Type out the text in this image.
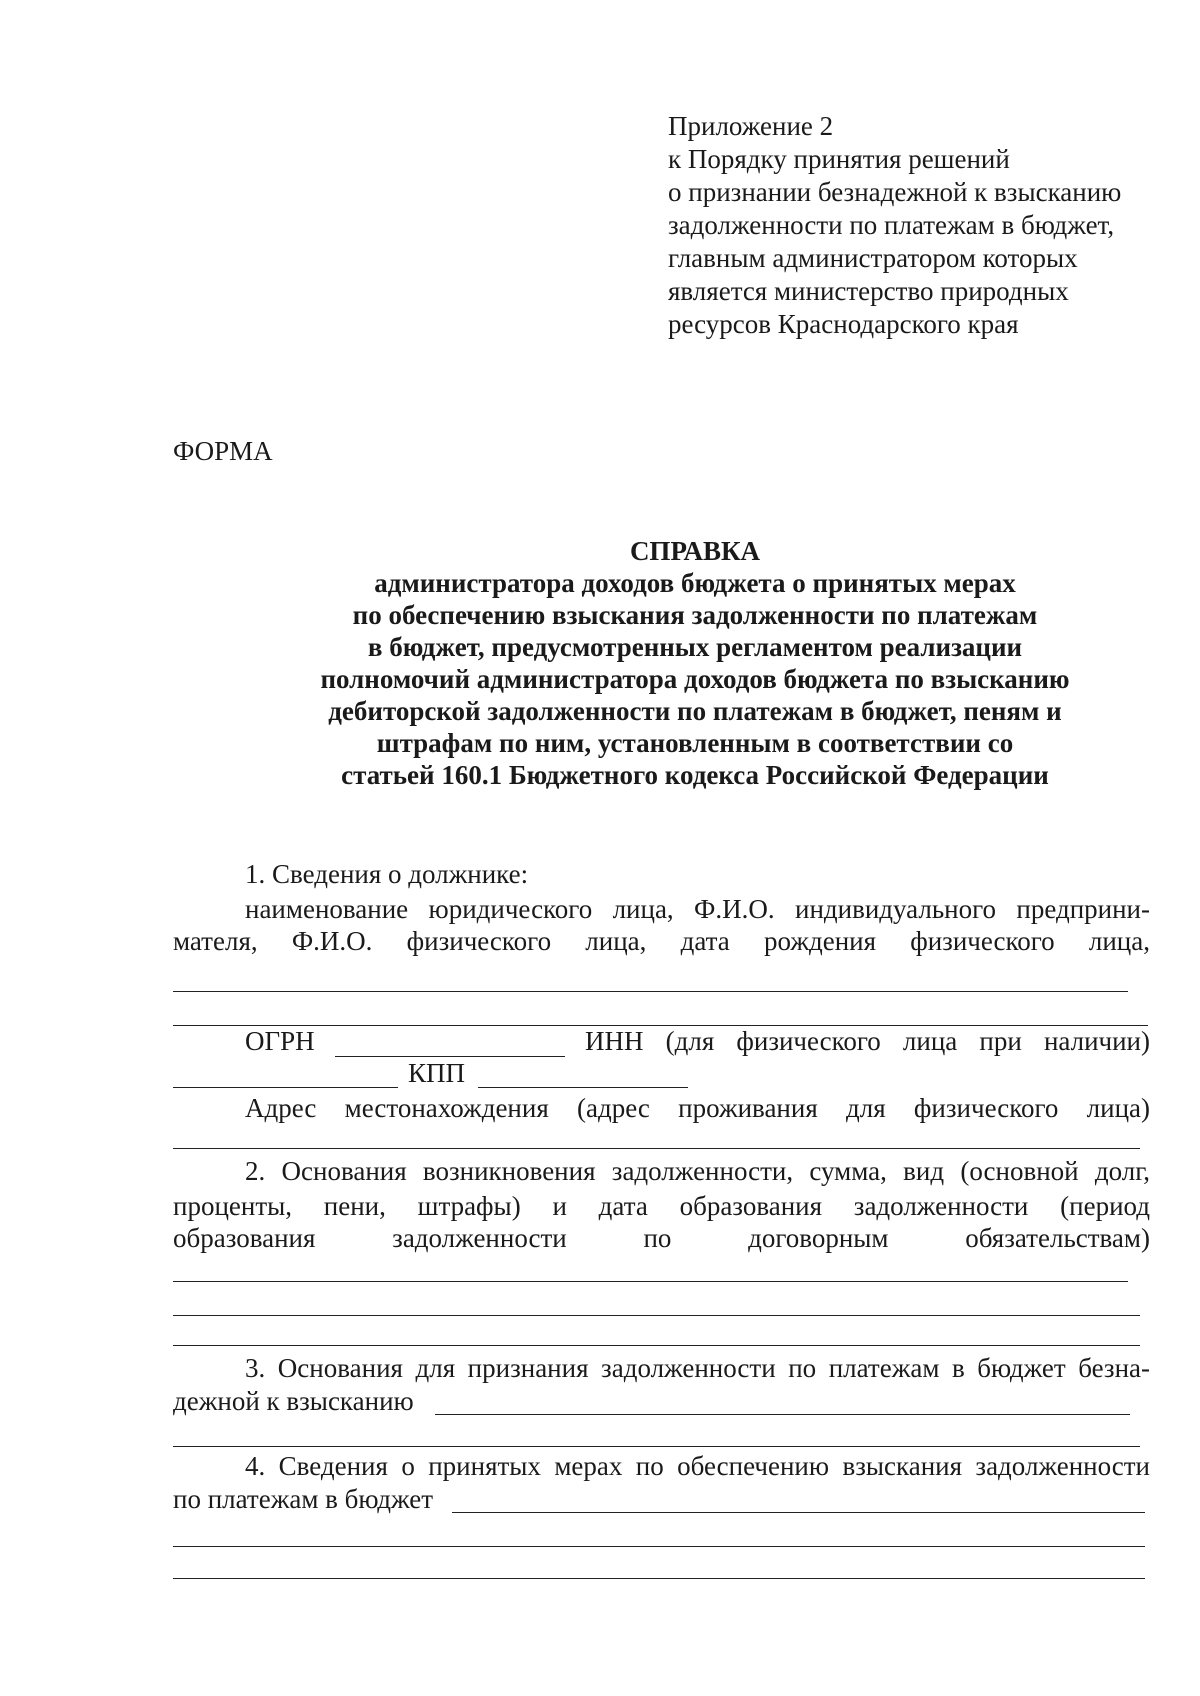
Приложение 2
к Порядку принятия решений
о признании безнадежной к взысканию
задолженности по платежам в бюджет,
главным администратором которых
является министерство природных
ресурсов Краснодарского края
ФОРМА
СПРАВКА
администратора доходов бюджета о принятых мерах
по обеспечению взыскания задолженности по платежам
в бюджет, предусмотренных регламентом реализации
полномочий администратора доходов бюджета по взысканию
дебиторской задолженности по платежам в бюджет, пеням и
штрафам по ним, установленным в соответствии со
статьей 160.1 Бюджетного кодекса Российской Федерации
1. Сведения о должнике:
наименование юридического лица, Ф.И.О. индивидуального предприни-
мателя, Ф.И.О. физического лица, дата рождения физического лица,
ОГРН	ИНН (для физического лица при наличии)
КПП
Адрес местонахождения (адрес проживания для физического лица)
2. Основания возникновения задолженности, сумма, вид (основной долг,
проценты, пени, штрафы) и дата образования задолженности (период
образования задолженности по договорным обязательствам)
3. Основания для признания задолженности по платежам в бюджет безна-
дежной к взысканию
4. Сведения о принятых мерах по обеспечению взыскания задолженности
по платежам в бюджет
